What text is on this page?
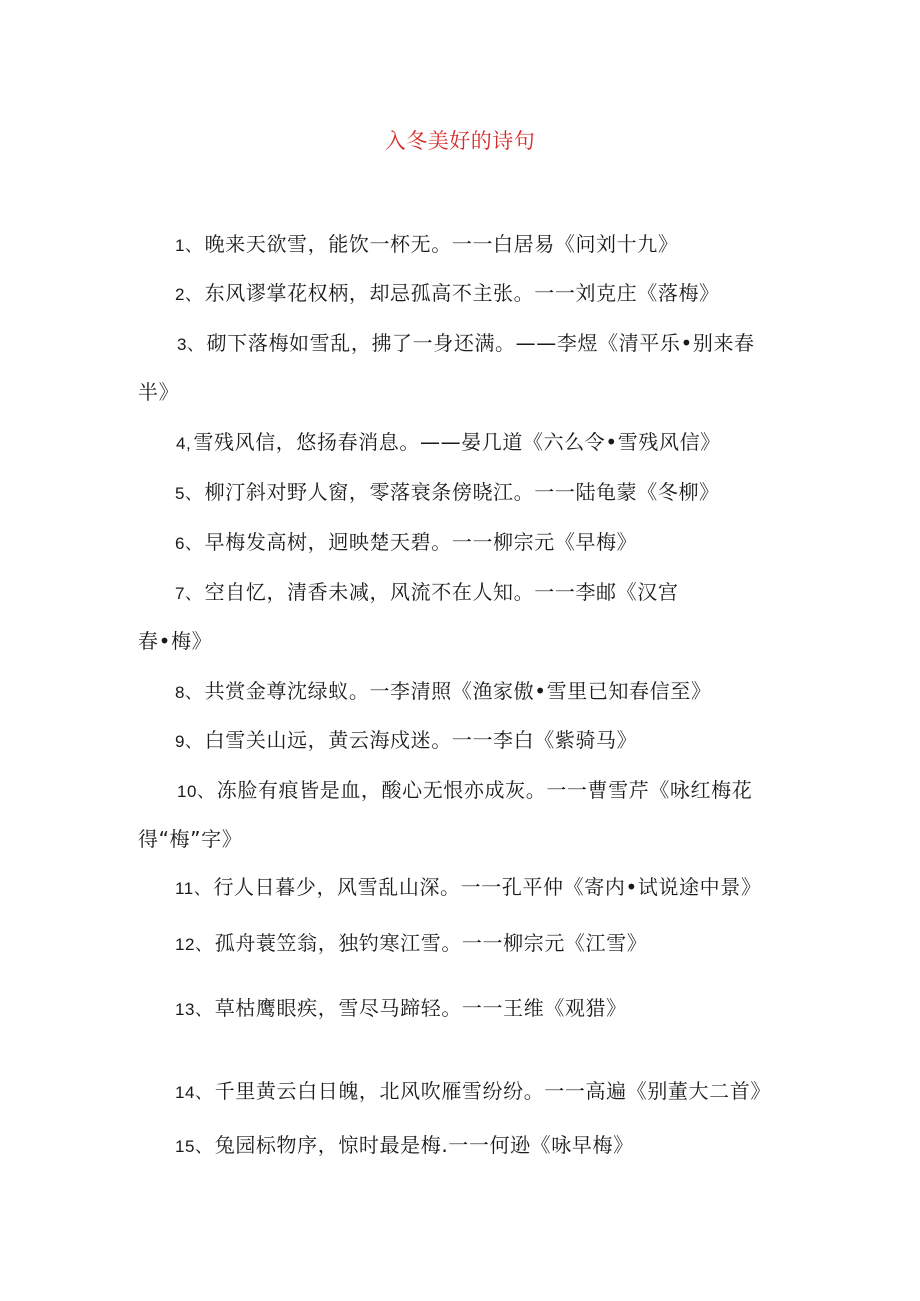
入冬美好的诗句
1、 晚来天欲雪，能饮一杯无。一一白居易《问刘十九》
2、 东风谬掌花权柄，却忌孤高不主张。一一刘克庄《落梅》
3、 砌下落梅如雪乱，拂了一身还满。——李煜《清平乐•别来春
半》
4, 雪残风信，悠扬春消息。——晏几道《六么令•雪残风信》
5、 柳汀斜对野人窗，零落衰条傍晓江。一一陆龟蒙《冬柳》
6、 早梅发高树，迥映楚天碧。一一柳宗元《早梅》
7、 空自忆，清香未减，风流不在人知。一一李邮《汉宫
春•梅》
8、 共赏金尊沈绿蚁。一李清照《渔家傲•雪里已知春信至》
9、 白雪关山远，黄云海戍迷。一一李白《紫骑马》
10、 冻脸有痕皆是血，酸心无恨亦成灰。一一曹雪芹《咏红梅花
得“梅”字》
11、 行人日暮少，风雪乱山深。一一孔平仲《寄内•试说途中景》
12、 孤舟蓑笠翁，独钓寒江雪。一一柳宗元《江雪》
13、 草枯鹰眼疾，雪尽马蹄轻。一一王维《观猎》
14、 千里黄云白日魄，北风吹雁雪纷纷。一一高遍《别董大二首》
15、 兔园标物序，惊时最是梅.一一何逊《咏早梅》
